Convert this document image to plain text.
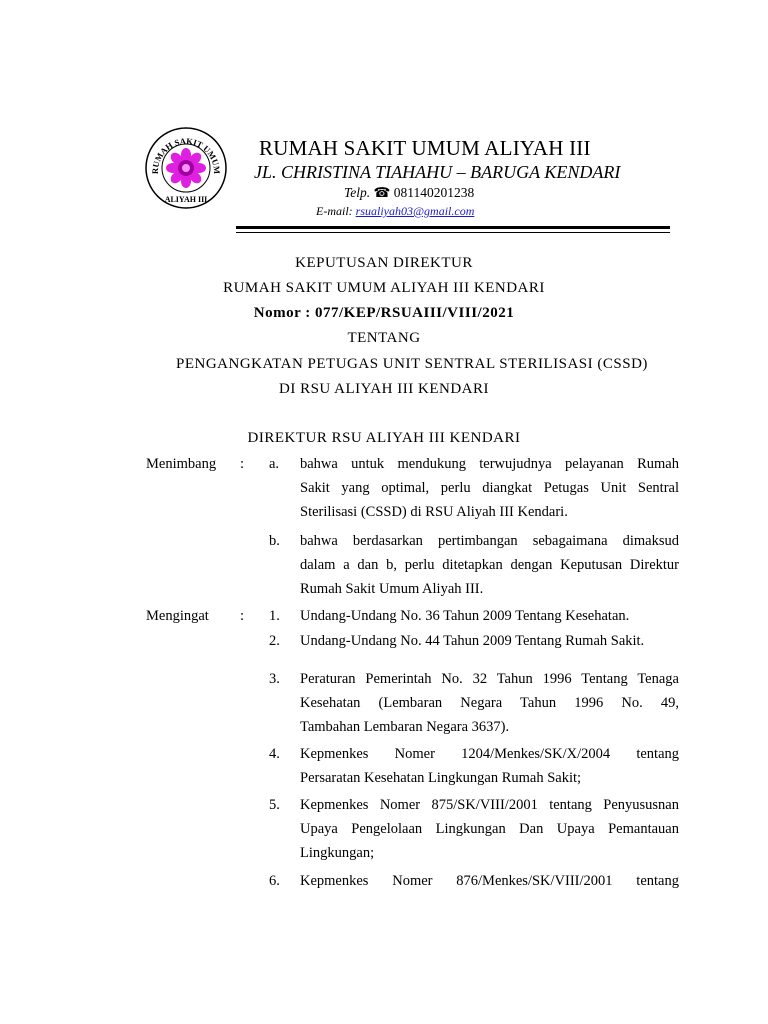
RUMAH SAKIT UMUM
ALIYAH III
RUMAH SAKIT UMUM ALIYAH III
JL. CHRISTINA TIAHAHU – BARUGA KENDARI
Telp. ☎ 081140201238
E-mail: rsualiyah03@gmail.com
KEPUTUSAN DIREKTUR
RUMAH SAKIT UMUM ALIYAH III KENDARI
Nomor : 077/KEP/RSUAIII/VIII/2021
TENTANG
PENGANGKATAN PETUGAS UNIT SENTRAL STERILISASI (CSSD)
DI RSU ALIYAH III KENDARI
DIREKTUR RSU ALIYAH III KENDARI
Menimbang : a. bahwa untuk mendukung terwujudnya pelayanan Rumah
Sakit yang optimal, perlu diangkat Petugas Unit Sentral
Sterilisasi (CSSD) di RSU Aliyah III Kendari.
b. bahwa berdasarkan pertimbangan sebagaimana dimaksud
dalam a dan b, perlu ditetapkan dengan Keputusan Direktur
Rumah Sakit Umum Aliyah III.
Mengingat : 1. Undang-Undang No. 36 Tahun 2009 Tentang Kesehatan.
2. Undang-Undang No. 44 Tahun 2009 Tentang Rumah Sakit.
3. Peraturan Pemerintah No. 32 Tahun 1996 Tentang Tenaga
Kesehatan (Lembaran Negara Tahun 1996 No. 49,
Tambahan Lembaran Negara 3637).
4. Kepmenkes Nomer 1204/Menkes/SK/X/2004 tentang
Persaratan Kesehatan Lingkungan Rumah Sakit;
5. Kepmenkes Nomer 875/SK/VIII/2001 tentang Penyususnan
Upaya Pengelolaan Lingkungan Dan Upaya Pemantauan
Lingkungan;
6. Kepmenkes Nomer 876/Menkes/SK/VIII/2001 tentang
